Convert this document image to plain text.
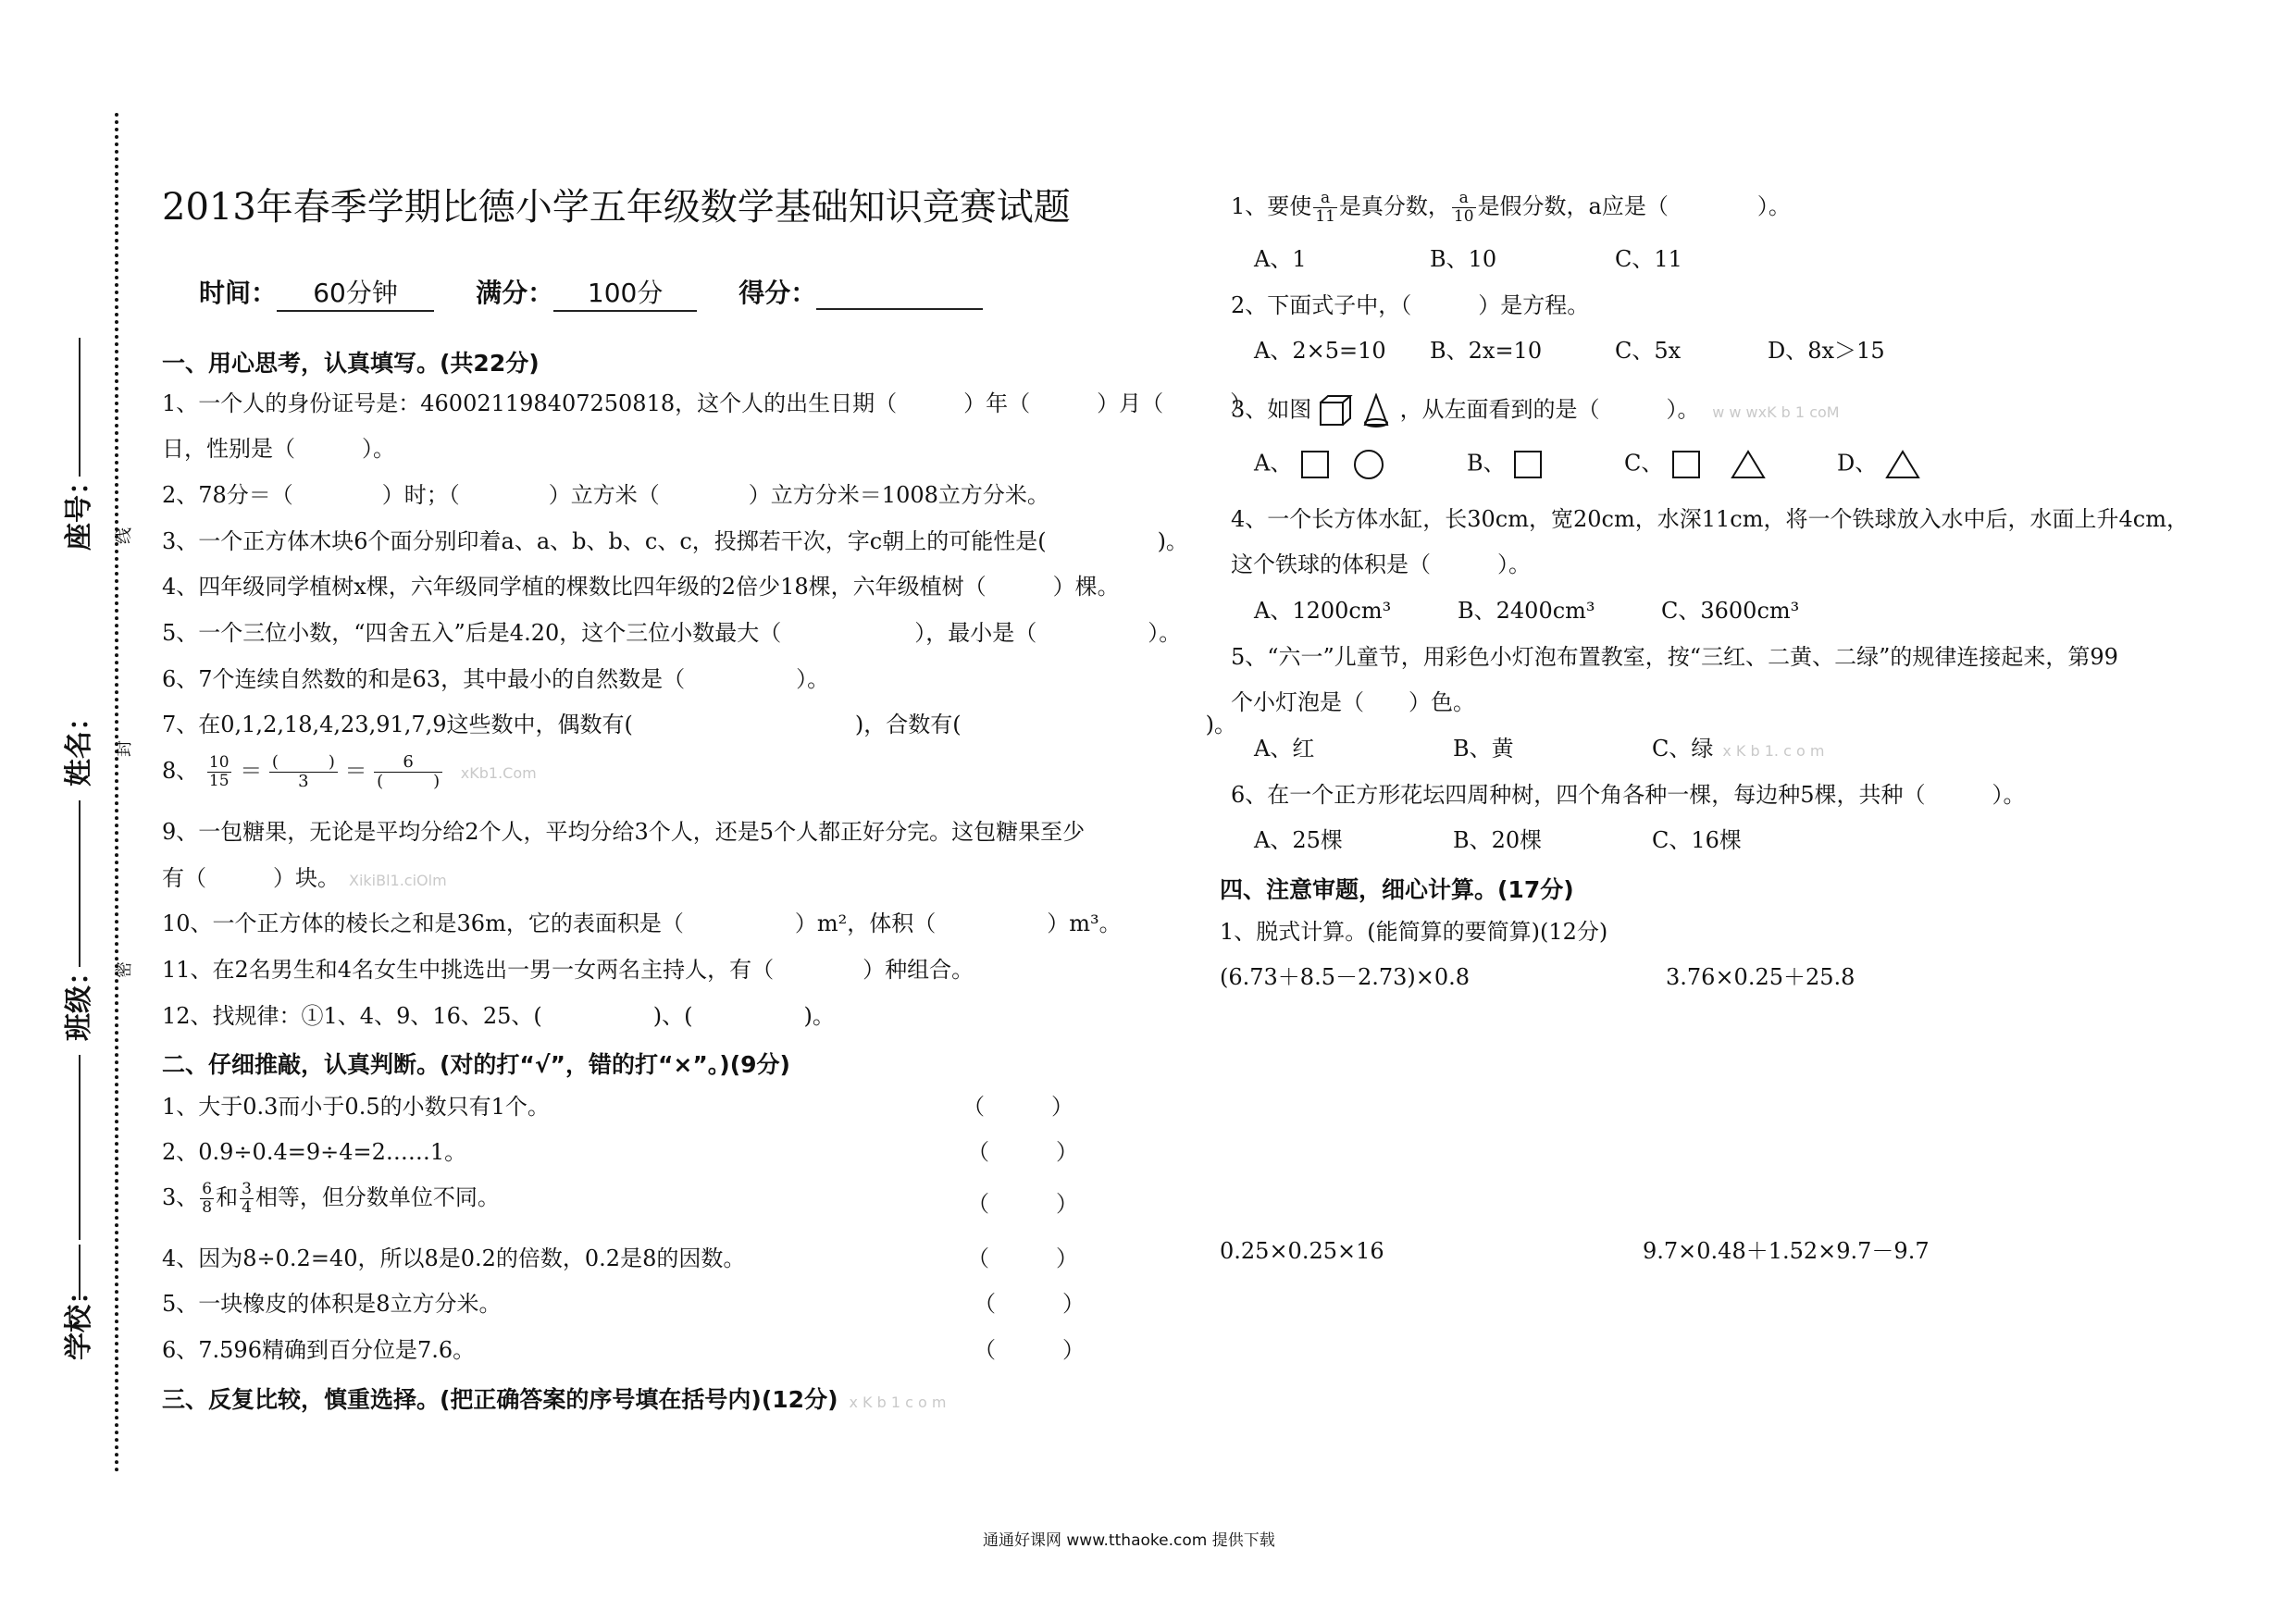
座号：
姓名：
班级：
学校：
线
封
密
2013年春季学期比德小学五年级数学基础知识竞赛试题
时间： 60分钟	满分： 100分	得分：
一、用心思考，认真填写。(共22分)
1、一个人的身份证号是：460021198407250818，这个人的出生日期（　　　）年（　　　）月（　　　）
日，性别是（　　　）。
2、78分＝（　　　　）时；（　　　　）立方米（　　　　）立方分米＝1008立方分米。
3、一个正方体木块6个面分别印着a、a、b、b、c、c，投掷若干次，字c朝上的可能性是(　　　　　)。
4、四年级同学植树x棵，六年级同学植的棵数比四年级的2倍少18棵，六年级植树（　　　）棵。
5、一个三位小数，“四舍五入”后是4.20，这个三位小数最大（　　　　　　），最小是（　　　　　）。
6、7个连续自然数的和是63，其中最小的自然数是（　　　　　）。
7、在0,1,2,18,4,23,91,7,9这些数中，偶数有(　　　　　　　　　　)，合数有(　　　　　　　　　　　)。
8、 $\frac{10}{15}$ ＝ (　　　)
3	＝	6
(　　　) xKb1.Com
9、一包糖果，无论是平均分给2个人，平均分给3个人，还是5个人都正好分完。这包糖果至少
有（　　　）块。 XikiBl1.ciOlm
10、一个正方体的棱长之和是36m，它的表面积是（　　　　　）m²，体积（　　　　　）m³。
11、在2名男生和4名女生中挑选出一男一女两名主持人，有（　　　　）种组合。
12、找规律：①1、4、9、16、25、(　　　　　)、(　　　　　)。
二、仔细推敲，认真判断。(对的打“√”，错的打“×”。)(9分)
1、大于0.3而小于0.5的小数只有1个。	（　　　）
2、0.9÷0.4=9÷4=2……1。	（　　　）
3、 $\frac{6}{8}$ 和 $\frac{3}{4}$ 相等，但分数单位不同。	（　　　）
4、因为8÷0.2=40，所以8是0.2的倍数，0.2是8的因数。	（　　　）
5、一块橡皮的体积是8立方分米。	（　　　）
6、7.596精确到百分位是7.6。	（　　　）
三、反复比较，慎重选择。(把正确答案的序号填在括号内)(12分) x K b 1 c o m
1、要使 $\frac{a}{11}$ 是真分数， $\frac{a}{10}$ 是假分数，a应是（　　　　）。
A、1	B、10	C、11
2、下面式子中，（　　　）是方程。
A、2×5=10 B、2x=10	C、5x	D、8x＞15
3、如图	，从左面看到的是（　　　）。 w w wxK b 1 coM
A、	B、	C、	D、
4、一个长方体水缸，长30cm，宽20cm，水深11cm，将一个铁球放入水中后，水面上升4cm，
这个铁球的体积是（　　　）。
A、1200cm³	B、2400cm³	C、3600cm³
5、“六一”儿童节，用彩色小灯泡布置教室，按“三红、二黄、二绿”的规律连接起来，第99
个小灯泡是（　　）色。
A、红	B、黄	C、绿 x K b 1. c o m
6、在一个正方形花坛四周种树，四个角各种一棵，每边种5棵，共种（　　　）。
A、25棵	B、20棵	C、16棵
四、注意审题，细心计算。(17分)
1、脱式计算。(能简算的要简算)(12分)
(6.73＋8.5－2.73)×0.8	3.76×0.25＋25.8
0.25×0.25×16	9.7×0.48＋1.52×9.7－9.7
通通好课网 www.tthaoke.com 提供下载
